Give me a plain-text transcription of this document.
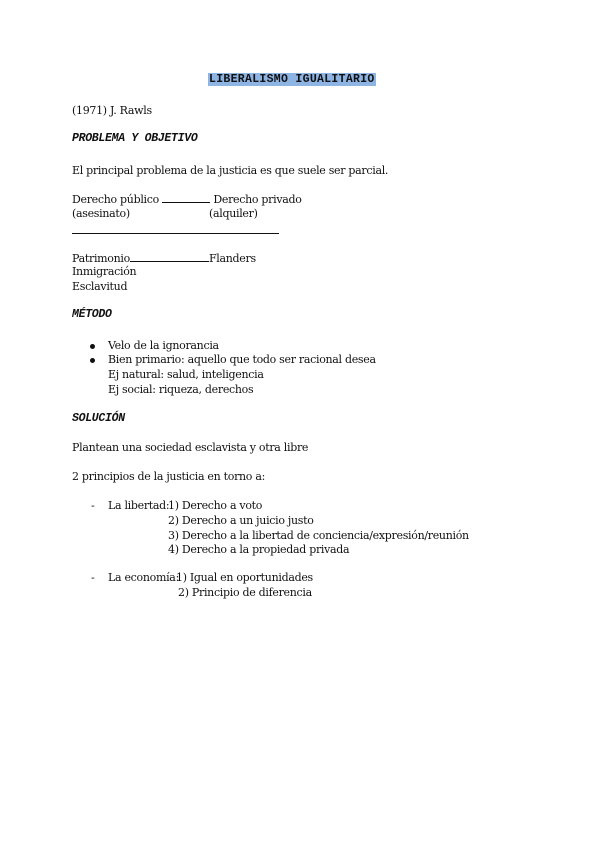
LIBERALISMO IGUALITARIO
(1971) J. Rawls
PROBLEMA Y OBJETIVO
El principal problema de la justicia es que suele ser parcial.
Derecho público	Derecho privado
(asesinato)	(alquiler)
Patrimonio	Flanders
Inmigración
Esclavitud
MÉTODO
Velo de la ignorancia
Bien primario: aquello que todo ser racional desea
Ej natural: salud, inteligencia
Ej social: riqueza, derechos
SOLUCIÓN
Plantean una sociedad esclavista y otra libre
2 principios de la justicia en torno a:
- La libertad:
1) Derecho a voto
2) Derecho a un juicio justo
3) Derecho a la libertad de conciencia/expresión/reunión
4) Derecho a la propiedad privada
- La economía:
1) Igual en oportunidades
2) Principio de diferencia
